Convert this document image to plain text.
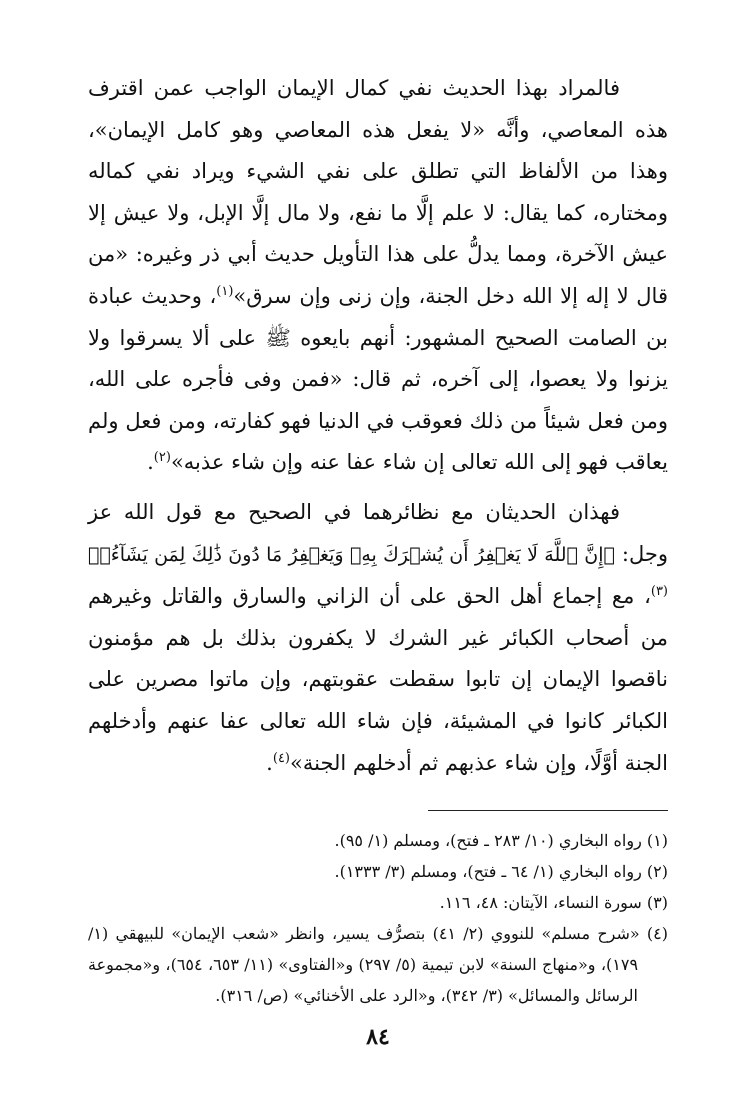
فالمراد بهذا الحديث نفي كمال الإيمان الواجب عمن اقترف هذه المعاصي، وأنَّه «لا يفعل هذه المعاصي وهو كامل الإيمان»، وهذا من الألفاظ التي تطلق على نفي الشيء ويراد نفي كماله ومختاره، كما يقال: لا علم إلَّا ما نفع، ولا مال إلَّا الإبل، ولا عيش إلا عيش الآخرة، ومما يدلُّ على هذا التأويل حديث أبي ذر وغيره: «من قال لا إله إلا الله دخل الجنة، وإن زنى وإن سرق»$^{(١)}$، وحديث عبادة بن الصامت الصحيح المشهور: أنهم بايعوه ﷺ على ألا يسرقوا ولا يزنوا ولا يعصوا، إلى آخره، ثم قال: «فمن وفى فأجره على الله، ومن فعل شيئاً من ذلك فعوقب في الدنيا فهو كفارته، ومن فعل ولم يعاقب فهو إلى الله تعالى إن شاء عفا عنه وإن شاء عذبه»$^{(٢)}$.

فهذان الحديثان مع نظائرهما في الصحيح مع قول الله عز وجل: ﴿إِنَّ ٱللَّهَ لَا يَغۡفِرُ أَن يُشۡرَكَ بِهِۦ وَيَغۡفِرُ مَا دُونَ ذَٰلِكَ لِمَن يَشَآءُۚ﴾$^{(٣)}$، مع إجماع أهل الحق على أن الزاني والسارق والقاتل وغيرهم من أصحاب الكبائر غير الشرك لا يكفرون بذلك بل هم مؤمنون ناقصوا الإيمان إن تابوا سقطت عقوبتهم، وإن ماتوا مصرين على الكبائر كانوا في المشيئة، فإن شاء الله تعالى عفا عنهم وأدخلهم الجنة أوَّلًا، وإن شاء عذبهم ثم أدخلهم الجنة»$^{(٤)}$.

(١) رواه البخاري (١٠/ ٢٨٣ ـ فتح)، ومسلم (١/ ٩٥).

(٢) رواه البخاري (١/ ٦٤ ـ فتح)، ومسلم (٣/ ١٣٣٣).

(٣) سورة النساء، الآيتان: ٤٨، ١١٦.

(٤) «شرح مسلم» للنووي (٢/ ٤١) بتصرُّف يسير، وانظر «شعب الإيمان» للبيهقي (١/ ١٧٩)، و«منهاج السنة» لابن تيمية (٥/ ٢٩٧) و«الفتاوى» (١١/ ٦٥٣، ٦٥٤)، و«مجموعة الرسائل والمسائل» (٣/ ٣٤٢)، و«الرد على الأخنائي» (ص/ ٣١٦).

٨٤
